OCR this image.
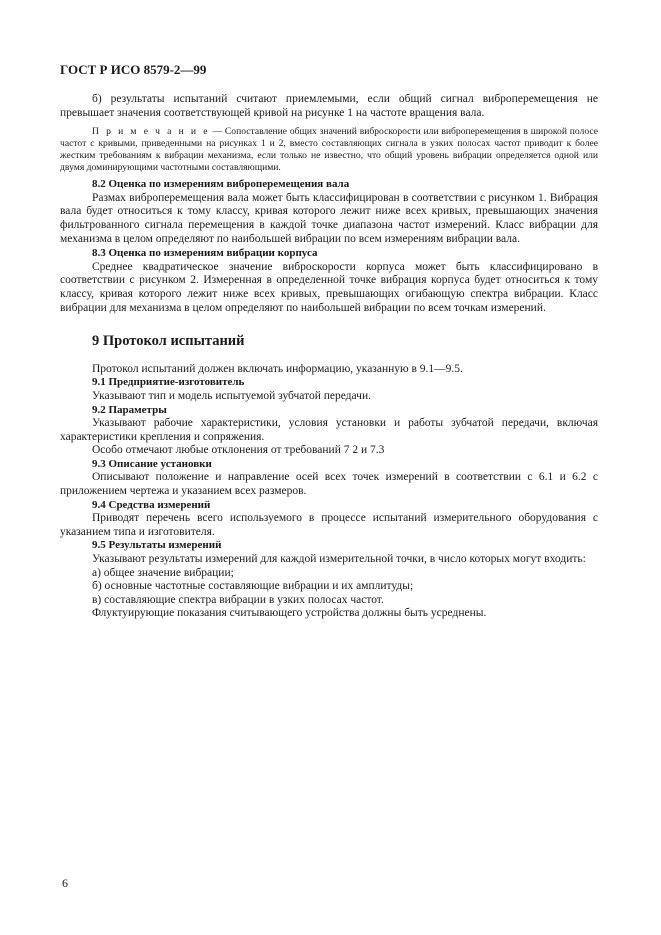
ГОСТ Р ИСО 8579-2—99

б) результаты испытаний считают приемлемыми, если общий сигнал виброперемещения не превышает значения соответствующей кривой на рисунке 1 на частоте вращения вала.

П р и м е ч а н и е — Сопоставление общих значений виброскорости или виброперемещения в широкой полосе частот с кривыми, приведенными на рисунках 1 и 2, вместо составляющих сигнала в узких полосах частот приводит к более жестким требованиям к вибрации механизма, если только не известно, что общий уровень вибрации определяется одной или двумя доминирующими частотными составляющими.

8.2 Оценка по измерениям виброперемещения вала

Размах виброперемещения вала может быть классифицирован в соответствии с рисунком 1. Вибрация вала будет относиться к тому классу, кривая которого лежит ниже всех кривых, превышающих значения фильтрованного сигнала перемещения в каждой точке диапазона частот измерений. Класс вибрации для механизма в целом определяют по наибольшей вибрации по всем измерениям вибрации вала.

8.3 Оценка по измерениям вибрации корпуса

Среднее квадратическое значение виброскорости корпуса может быть классифицировано в соответствии с рисунком 2. Измеренная в определенной точке вибрация корпуса будет относиться к тому классу, кривая которого лежит ниже всех кривых, превышающих огибающую спектра вибрации. Класс вибрации для механизма в целом определяют по наибольшей вибрации по всем точкам измерений.

9 Протокол испытаний

Протокол испытаний должен включать информацию, указанную в 9.1—9.5.

9.1 Предприятие-изготовитель

Указывают тип и модель испытуемой зубчатой передачи.

9.2 Параметры

Указывают рабочие характеристики, условия установки и работы зубчатой передачи, включая характеристики крепления и сопряжения.

Особо отмечают любые отклонения от требований 7 2 и 7.3

9.3 Описание установки

Описывают положение и направление осей всех точек измерений в соответствии с 6.1 и 6.2 с приложением чертежа и указанием всех размеров.

9.4 Средства измерений

Приводят перечень всего используемого в процессе испытаний измерительного оборудования с указанием типа и изготовителя.

9.5 Результаты измерений

Указывают результаты измерений для каждой измерительной точки, в число которых могут входить:

а) общее значение вибрации;

б) основные частотные составляющие вибрации и их амплитуды;

в) составляющие спектра вибрации в узких полосах частот.

Флуктуирующие показания считывающего устройства должны быть усреднены.

6
